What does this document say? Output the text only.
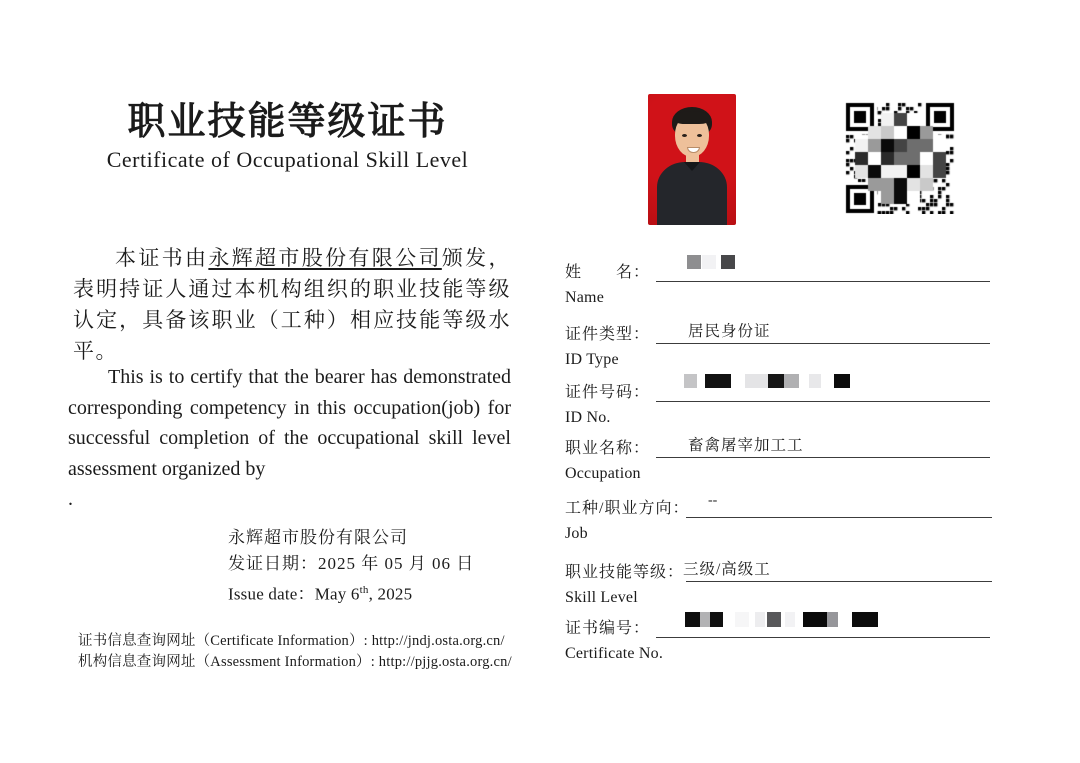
职业技能等级证书
Certificate of Occupational Skill Level

本证书由永辉超市股份有限公司颁发，表明持证人通过本机构组织的职业技能等级认定，具备该职业（工种）相应技能等级水平。

This is to certify that the bearer has demonstrated corresponding competency in this occupation(job) for successful completion of the occupational skill level assessment organized by
.

永辉超市股份有限公司
发证日期：2025 年 05 月 06 日
Issue date：May 6th, 2025
证书信息查询网址（Certificate Information）: http://jndj.osta.org.cn/
机构信息查询网址（Assessment Information）: http://pjjg.osta.org.cn/
姓　　名：
Name
证件类型： 居民身份证
ID Type
证件号码：
ID No.
职业名称： 畜禽屠宰加工工
Occupation
工种/职业方向： --
Job
职业技能等级：
三级/高级工
Skill Level
证书编号：
Certificate No.
